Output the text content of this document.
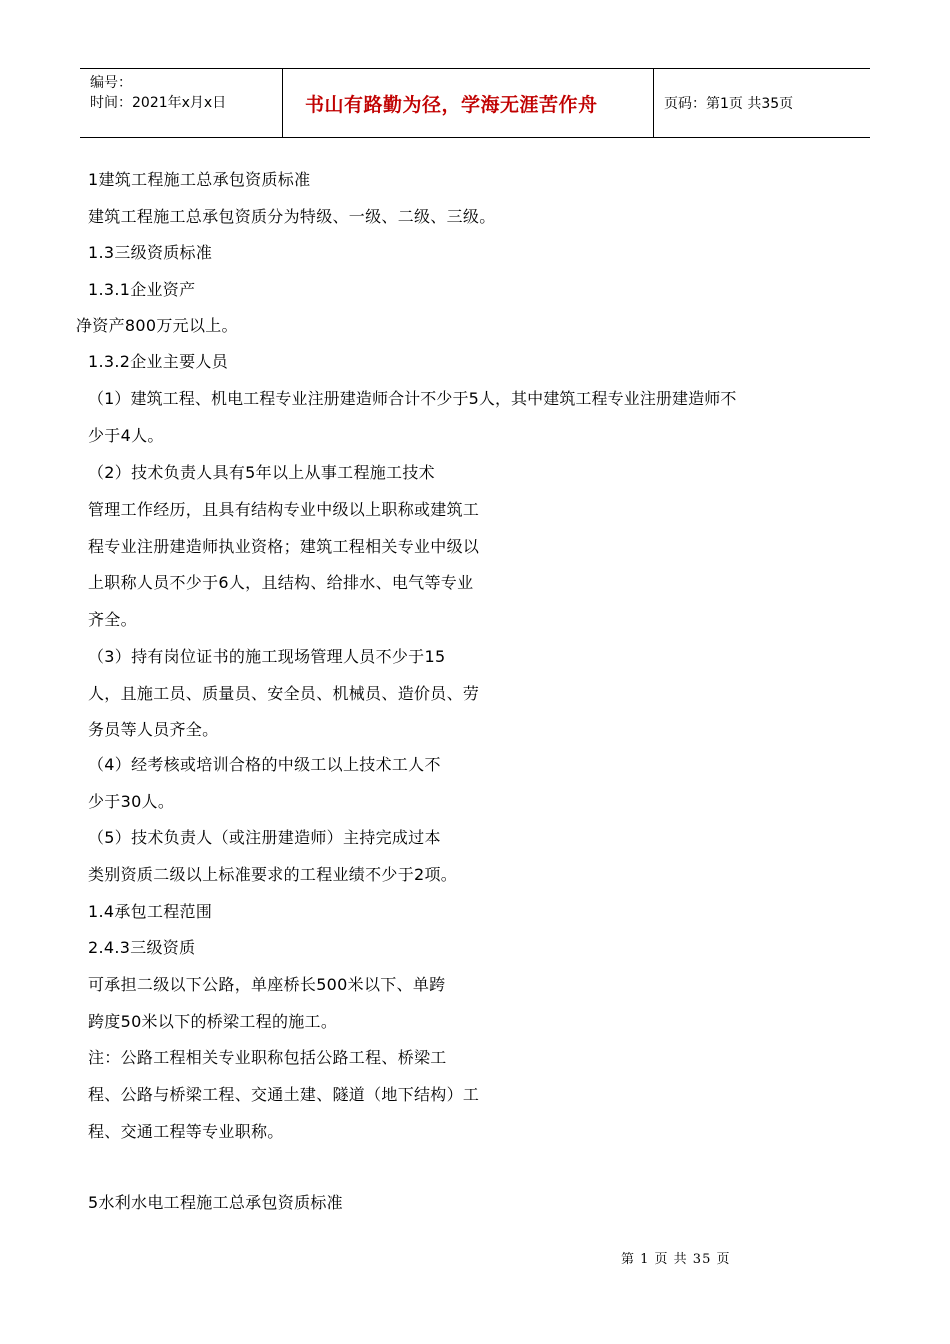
编号：
时间：2021年x月x日	书山有路勤为径，学海无涯苦作舟	页码：第1页 共35页
1建筑工程施工总承包资质标准
建筑工程施工总承包资质分为特级、一级、二级、三级。
1.3三级资质标准
1.3.1企业资产
净资产800万元以上。
1.3.2企业主要人员
（1）建筑工程、机电工程专业注册建造师合计不少于5人，其中建筑工程专业注册建造师不
少于4人。
（2）技术负责人具有5年以上从事工程施工技术
管理工作经历，且具有结构专业中级以上职称或建筑工
程专业注册建造师执业资格；建筑工程相关专业中级以
上职称人员不少于6人，且结构、给排水、电气等专业
齐全。
（3）持有岗位证书的施工现场管理人员不少于15
人，且施工员、质量员、安全员、机械员、造价员、劳
务员等人员齐全。
（4）经考核或培训合格的中级工以上技术工人不
少于30人。
（5）技术负责人（或注册建造师）主持完成过本
类别资质二级以上标准要求的工程业绩不少于2项。
1.4承包工程范围
2.4.3三级资质
可承担二级以下公路，单座桥长500米以下、单跨
跨度50米以下的桥梁工程的施工。
注：公路工程相关专业职称包括公路工程、桥梁工
程、公路与桥梁工程、交通土建、隧道（地下结构）工
程、交通工程等专业职称。
5水利水电工程施工总承包资质标准
第 1 页 共 35 页
